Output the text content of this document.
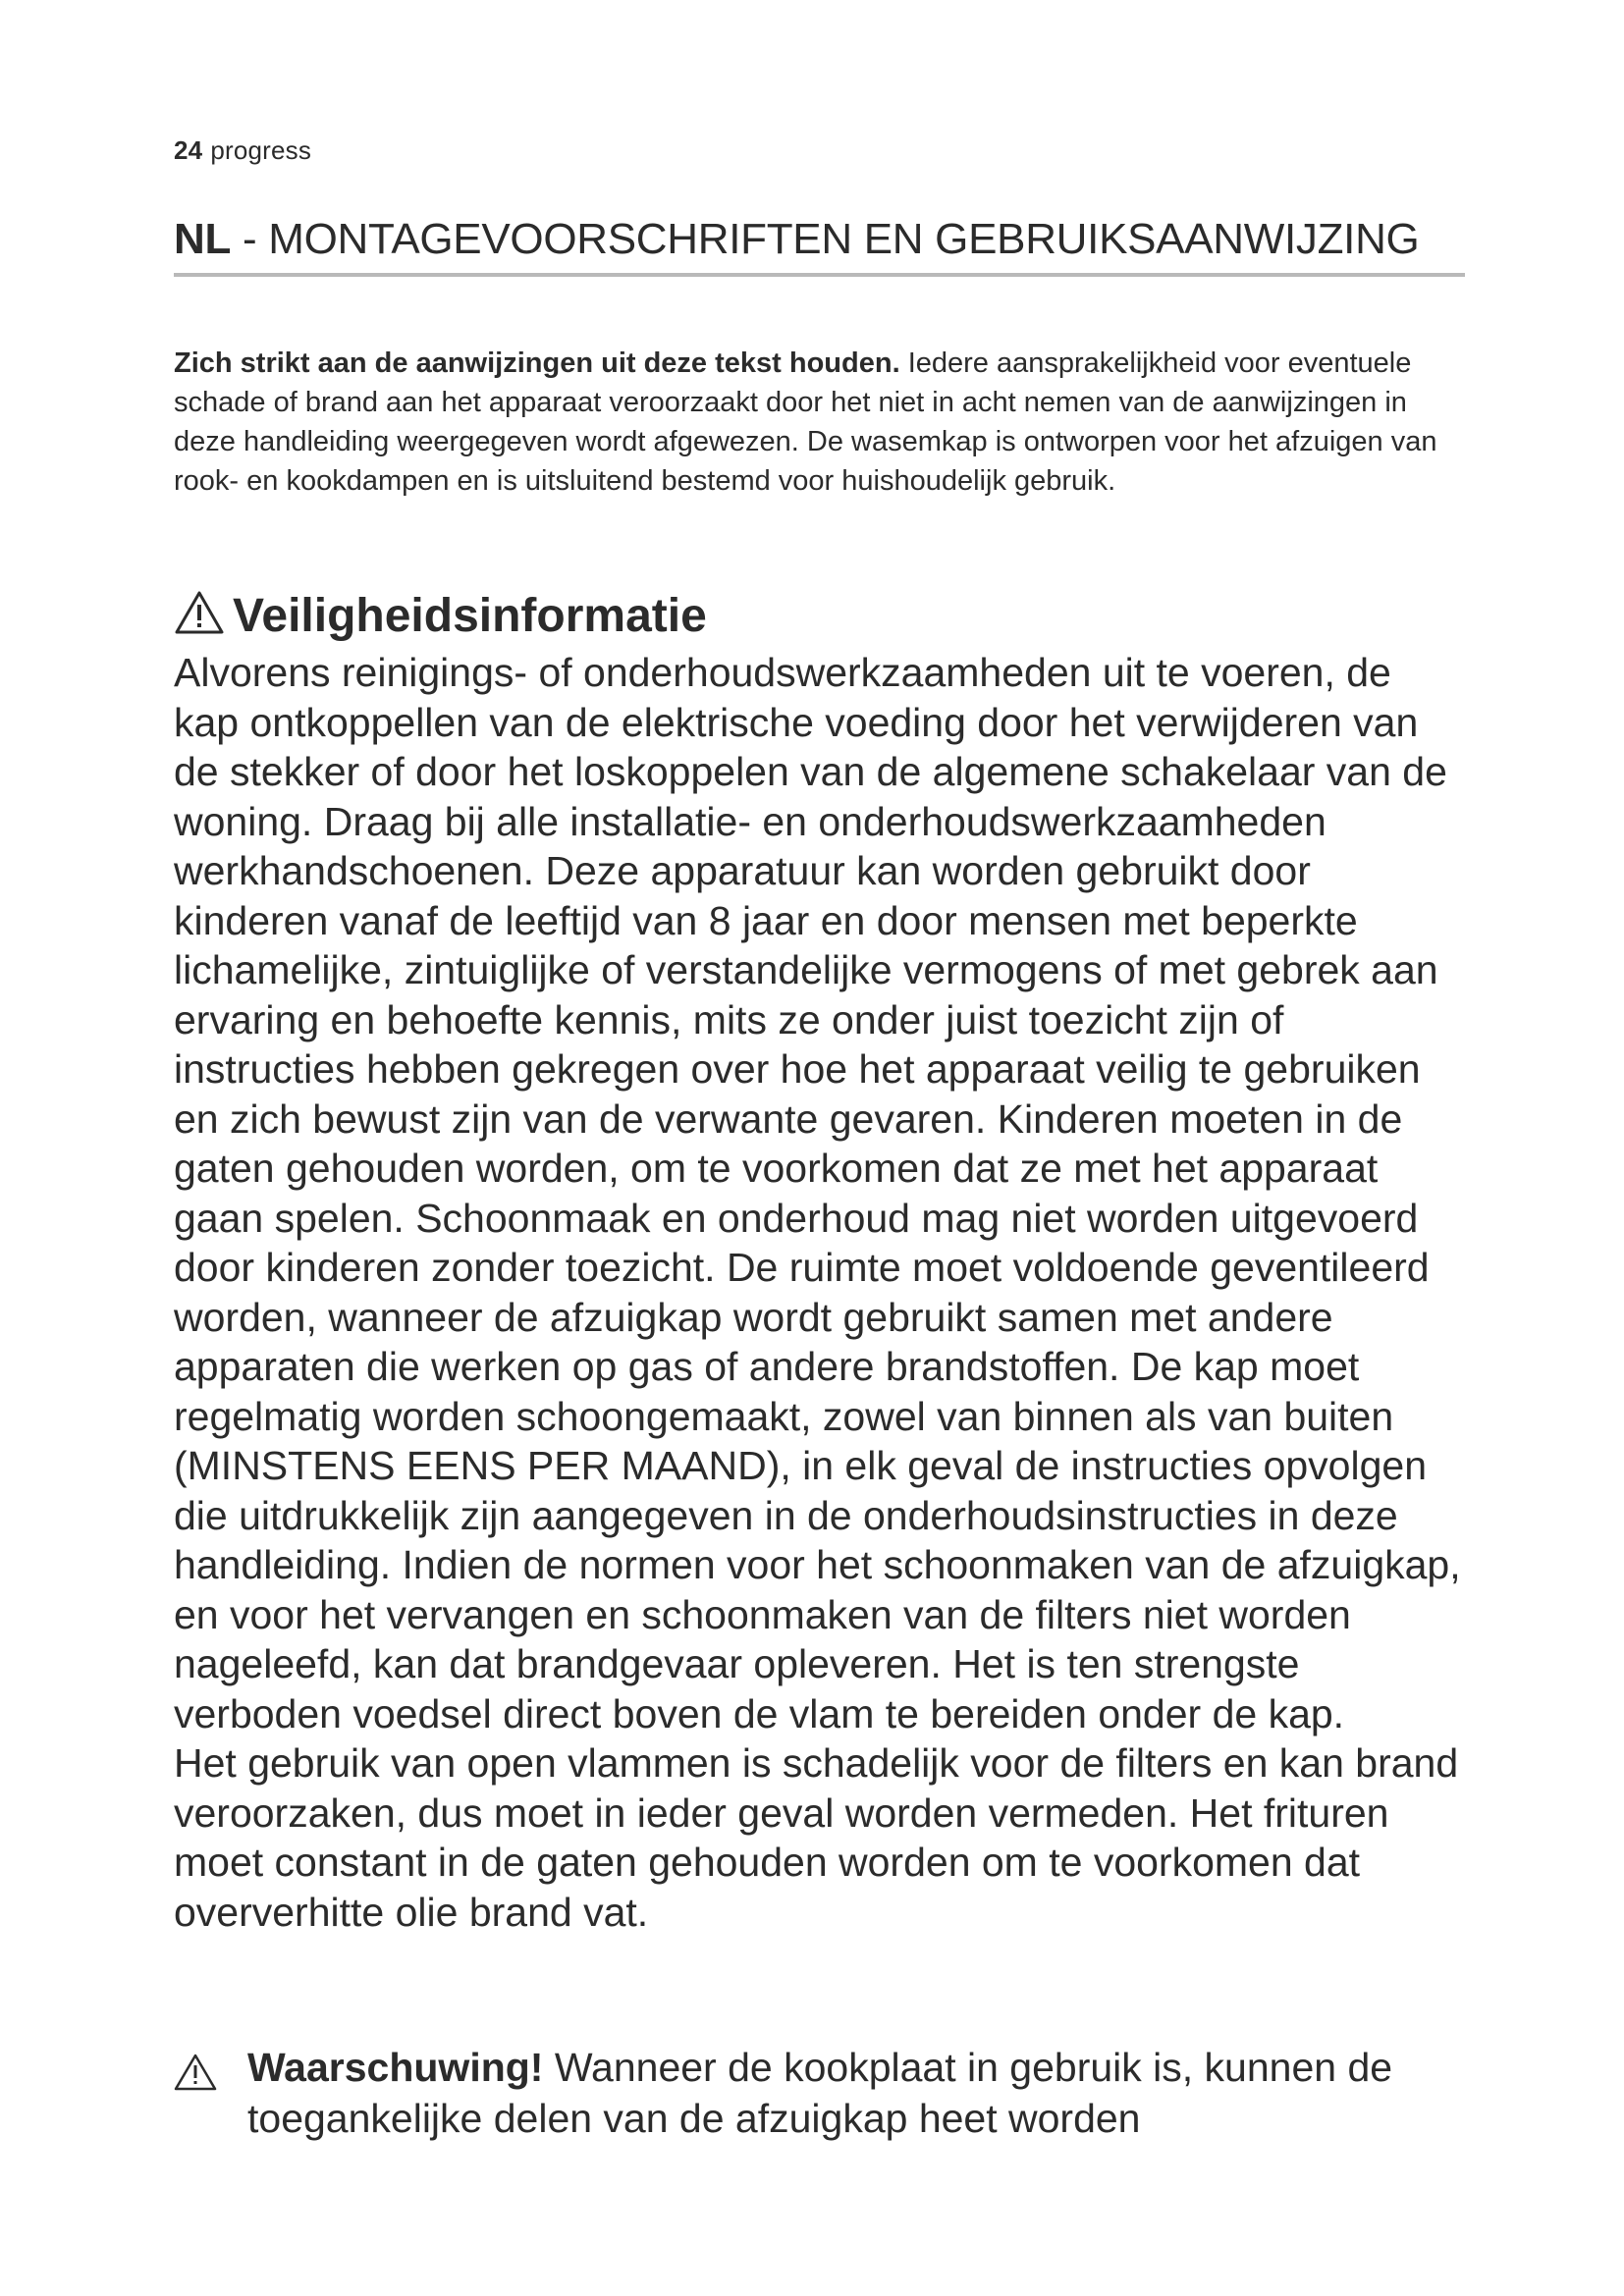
24 progress
NL - MONTAGEVOORSCHRIFTEN EN GEBRUIKSAANWIJZING
Zich strikt aan de aanwijzingen uit deze tekst houden. Iedere aansprakelijkheid voor eventuele schade of brand aan het apparaat veroorzaakt door het niet in acht nemen van de aanwijzingen in deze handleiding weergegeven wordt afgewezen. De wasemkap is ontworpen voor het afzuigen van rook- en kookdampen en is uitsluitend bestemd voor huishoudelijk gebruik.
Veiligheidsinformatie

Alvorens reinigings- of onderhoudswerkzaamheden uit te voeren, de kap ontkoppellen van de elektrische voeding door het verwijderen van de stekker of door het loskoppelen van de algemene schakelaar van de woning. Draag bij alle installatie- en onderhoudswerkzaamheden werkhandschoenen. Deze apparatuur kan worden gebruikt door kinderen vanaf de leeftijd van 8 jaar en door mensen met beperkte lichamelijke, zintuiglijke of verstandelijke vermogens of met gebrek aan ervaring en behoefte kennis, mits ze onder juist toezicht zijn of instructies hebben gekregen over hoe het apparaat veilig te gebruiken en zich bewust zijn van de verwante gevaren. Kinderen moeten in de gaten gehouden worden, om te voorkomen dat ze met het apparaat gaan spelen. Schoonmaak en onderhoud mag niet worden uitgevoerd door kinderen zonder toezicht. De ruimte moet voldoende geventileerd worden, wanneer de afzuigkap wordt gebruikt samen met andere apparaten die werken op gas of andere brandstoffen. De kap moet regelmatig worden schoongemaakt, zowel van binnen als van buiten (MINSTENS EENS PER MAAND), in elk geval de instructies opvolgen die uitdrukkelijk zijn aangegeven in de onderhoudsinstructies in deze handleiding. Indien de normen voor het schoonmaken van de afzuigkap, en voor het vervangen en schoonmaken van de filters niet worden nageleefd, kan dat brandgevaar opleveren. Het is ten strengste verboden voedsel direct boven de vlam te bereiden onder de kap.

Het gebruik van open vlammen is schadelijk voor de filters en kan brand veroorzaken, dus moet in ieder geval worden vermeden. Het frituren moet constant in de gaten gehouden worden om te voorkomen dat oververhitte olie brand vat.

Waarschuwing! Wanneer de kookplaat in gebruik is, kunnen de toegankelijke delen van de afzuigkap heet worden
